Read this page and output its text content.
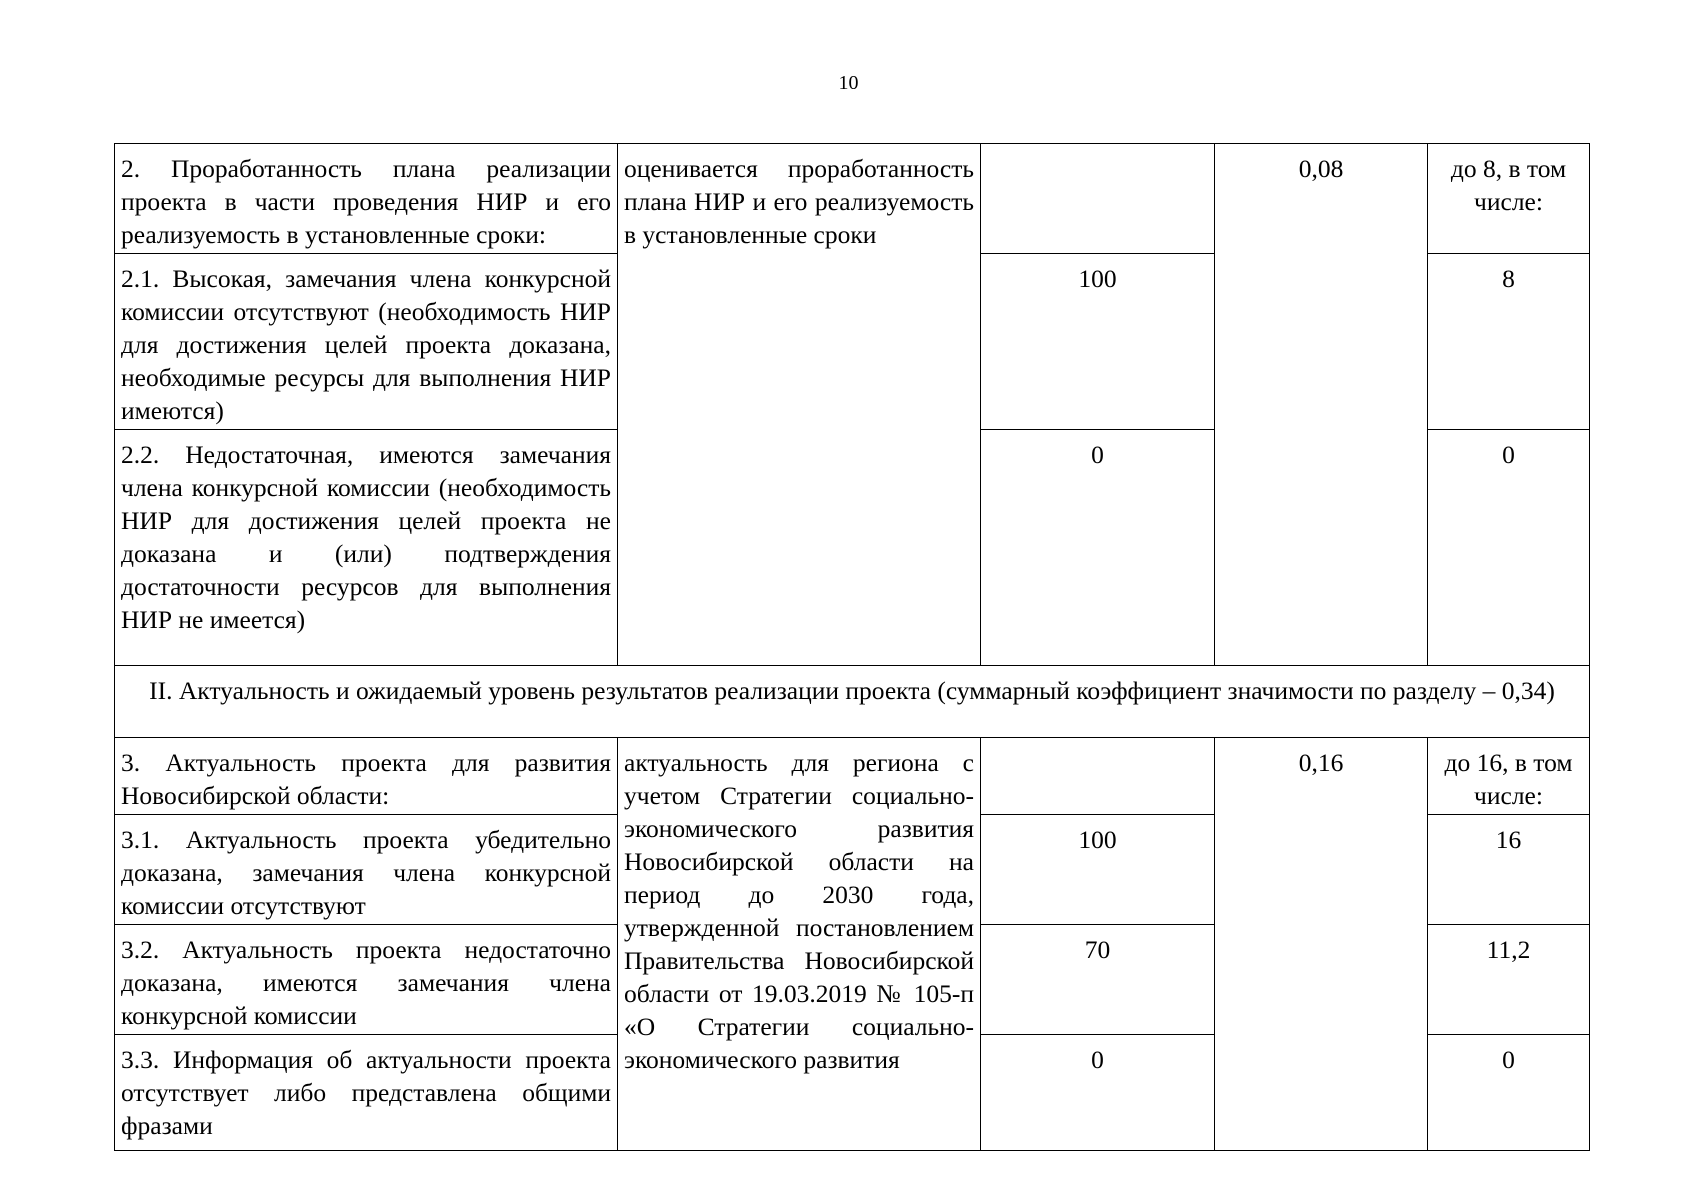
10
2. Проработанность плана реализации проекта в части проведения НИР и его реализуемость в установленные сроки:	оценивается проработанность плана НИР и его реализуемость в установленные сроки		0,08	до 8, в том числе:
2.1. Высокая, замечания члена конкурсной комиссии отсутствуют (необходимость НИР для достижения целей проекта доказана, необходимые ресурсы для выполнения НИР имеются)		100		8
2.2. Недостаточная, имеются замечания члена конкурсной комиссии (необходимость НИР для достижения целей проекта не доказана и (или) подтверждения достаточности ресурсов для выполнения НИР не имеется)		0		0
II. Актуальность и ожидаемый уровень результатов реализации проекта (суммарный коэффициент значимости по разделу – 0,34)				
3. Актуальность проекта для развития Новосибирской области:	актуальность для региона с учетом Стратегии социально-экономического развития Новосибирской области на период до 2030 года, утвержденной постановлением Правительства Новосибирской области от 19.03.2019 № 105-п «О Стратегии социально-экономического развития		0,16	до 16, в том числе:
3.1. Актуальность проекта убедительно доказана, замечания члена конкурсной комиссии отсутствуют		100		16
3.2. Актуальность проекта недостаточно доказана, имеются замечания члена конкурсной комиссии		70		11,2
3.3. Информация об актуальности проекта отсутствует либо представлена общими фразами		0		0
